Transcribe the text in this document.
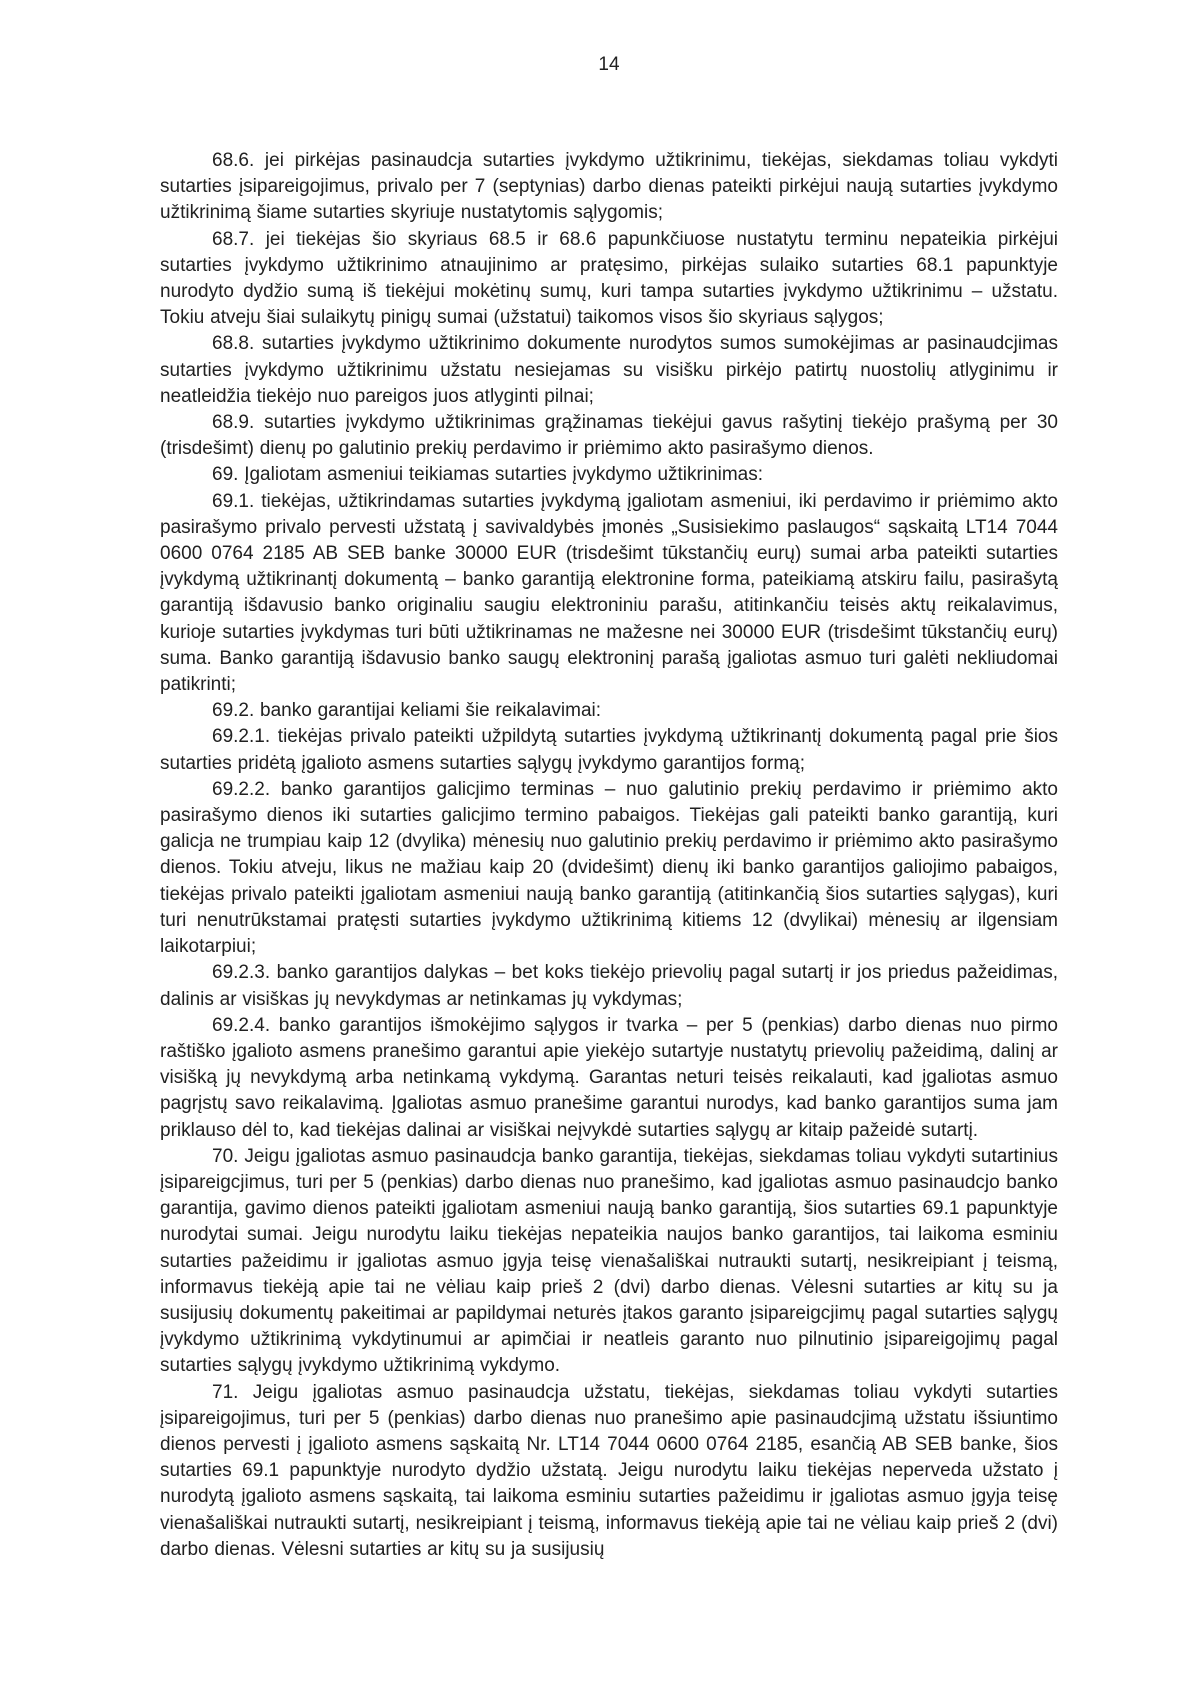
14

68.6. jei pirkėjas pasinaudcja sutarties įvykdymo užtikrinimu, tiekėjas, siekdamas toliau vykdyti sutarties įsipareigojimus, privalo per 7 (septynias) darbo dienas pateikti pirkėjui naują sutarties įvykdymo užtikrinimą šiame sutarties skyriuje nustatytomis sąlygomis;

68.7. jei tiekėjas šio skyriaus 68.5 ir 68.6 papunkčiuose nustatytu terminu nepateikia pirkėjui sutarties įvykdymo užtikrinimo atnaujinimo ar pratęsimo, pirkėjas sulaiko sutarties 68.1 papunktyje nurodyto dydžio sumą iš tiekėjui mokėtinų sumų, kuri tampa sutarties įvykdymo užtikrinimu – užstatu. Tokiu atveju šiai sulaikytų pinigų sumai (užstatui) taikomos visos šio skyriaus sąlygos;

68.8. sutarties įvykdymo užtikrinimo dokumente nurodytos sumos sumokėjimas ar pasinaudcjimas sutarties įvykdymo užtikrinimu užstatu nesiejamas su visišku pirkėjo patirtų nuostolių atlyginimu ir neatleidžia tiekėjo nuo pareigos juos atlyginti pilnai;

68.9. sutarties įvykdymo užtikrinimas grąžinamas tiekėjui gavus rašytinį tiekėjo prašymą per 30 (trisdešimt) dienų po galutinio prekių perdavimo ir priėmimo akto pasirašymo dienos.

69. Įgaliotam asmeniui teikiamas sutarties įvykdymo užtikrinimas:

69.1. tiekėjas, užtikrindamas sutarties įvykdymą įgaliotam asmeniui, iki perdavimo ir priėmimo akto pasirašymo privalo pervesti užstatą į savivaldybės įmonės „Susisiekimo paslaugos“ sąskaitą LT14 7044 0600 0764 2185 AB SEB banke 30000 EUR (trisdešimt tūkstančių eurų) sumai arba pateikti sutarties įvykdymą užtikrinantį dokumentą – banko garantiją elektronine forma, pateikiamą atskiru failu, pasirašytą garantiją išdavusio banko originaliu saugiu elektroniniu parašu, atitinkančiu teisės aktų reikalavimus, kurioje sutarties įvykdymas turi būti užtikrinamas ne mažesne nei 30000 EUR (trisdešimt tūkstančių eurų) suma. Banko garantiją išdavusio banko saugų elektroninį parašą įgaliotas asmuo turi galėti nekliudomai patikrinti;

69.2. banko garantijai keliami šie reikalavimai:

69.2.1. tiekėjas privalo pateikti užpildytą sutarties įvykdymą užtikrinantį dokumentą pagal prie šios sutarties pridėtą įgalioto asmens sutarties sąlygų įvykdymo garantijos formą;

69.2.2. banko garantijos galicjimo terminas – nuo galutinio prekių perdavimo ir priėmimo akto pasirašymo dienos iki sutarties galicjimo termino pabaigos. Tiekėjas gali pateikti banko garantiją, kuri galicja ne trumpiau kaip 12 (dvylika) mėnesių nuo galutinio prekių perdavimo ir priėmimo akto pasirašymo dienos. Tokiu atveju, likus ne mažiau kaip 20 (dvidešimt) dienų iki banko garantijos galiojimo pabaigos, tiekėjas privalo pateikti įgaliotam asmeniui naują banko garantiją (atitinkančią šios sutarties sąlygas), kuri turi nenutrūkstamai pratęsti sutarties įvykdymo užtikrinimą kitiems 12 (dvylikai) mėnesių ar ilgensiam laikotarpiui;

69.2.3. banko garantijos dalykas – bet koks tiekėjo prievolių pagal sutartį ir jos priedus pažeidimas, dalinis ar visiškas jų nevykdymas ar netinkamas jų vykdymas;

69.2.4. banko garantijos išmokėjimo sąlygos ir tvarka – per 5 (penkias) darbo dienas nuo pirmo raštiško įgalioto asmens pranešimo garantui apie yiekėjo sutartyje nustatytų prievolių pažeidimą, dalinį ar visišką jų nevykdymą arba netinkamą vykdymą. Garantas neturi teisės reikalauti, kad įgaliotas asmuo pagrįstų savo reikalavimą. Įgaliotas asmuo pranešime garantui nurodys, kad banko garantijos suma jam priklauso dėl to, kad tiekėjas dalinai ar visiškai neįvykdė sutarties sąlygų ar kitaip pažeidė sutartį.

70. Jeigu įgaliotas asmuo pasinaudcja banko garantija, tiekėjas, siekdamas toliau vykdyti sutartinius įsipareigcjimus, turi per 5 (penkias) darbo dienas nuo pranešimo, kad įgaliotas asmuo pasinaudcjo banko garantija, gavimo dienos pateikti įgaliotam asmeniui naują banko garantiją, šios sutarties 69.1 papunktyje nurodytai sumai. Jeigu nurodytu laiku tiekėjas nepateikia naujos banko garantijos, tai laikoma esminiu sutarties pažeidimu ir įgaliotas asmuo įgyja teisę vienašališkai nutraukti sutartį, nesikreipiant į teismą, informavus tiekėją apie tai ne vėliau kaip prieš 2 (dvi) darbo dienas. Vėlesni sutarties ar kitų su ja susijusių dokumentų pakeitimai ar papildymai neturės įtakos garanto įsipareigcjimų pagal sutarties sąlygų įvykdymo užtikrinimą vykdytinumui ar apimčiai ir neatleis garanto nuo pilnutinio įsipareigojimų pagal sutarties sąlygų įvykdymo užtikrinimą vykdymo.

71. Jeigu įgaliotas asmuo pasinaudcja užstatu, tiekėjas, siekdamas toliau vykdyti sutarties įsipareigojimus, turi per 5 (penkias) darbo dienas nuo pranešimo apie pasinaudcjimą užstatu išsiuntimo dienos pervesti į įgalioto asmens sąskaitą Nr. LT14 7044 0600 0764 2185, esančią AB SEB banke, šios sutarties 69.1 papunktyje nurodyto dydžio užstatą. Jeigu nurodytu laiku tiekėjas neperveda užstato į nurodytą įgalioto asmens sąskaitą, tai laikoma esminiu sutarties pažeidimu ir įgaliotas asmuo įgyja teisę vienašališkai nutraukti sutartį, nesikreipiant į teismą, informavus tiekėją apie tai ne vėliau kaip prieš 2 (dvi) darbo dienas. Vėlesni sutarties ar kitų su ja susijusių
